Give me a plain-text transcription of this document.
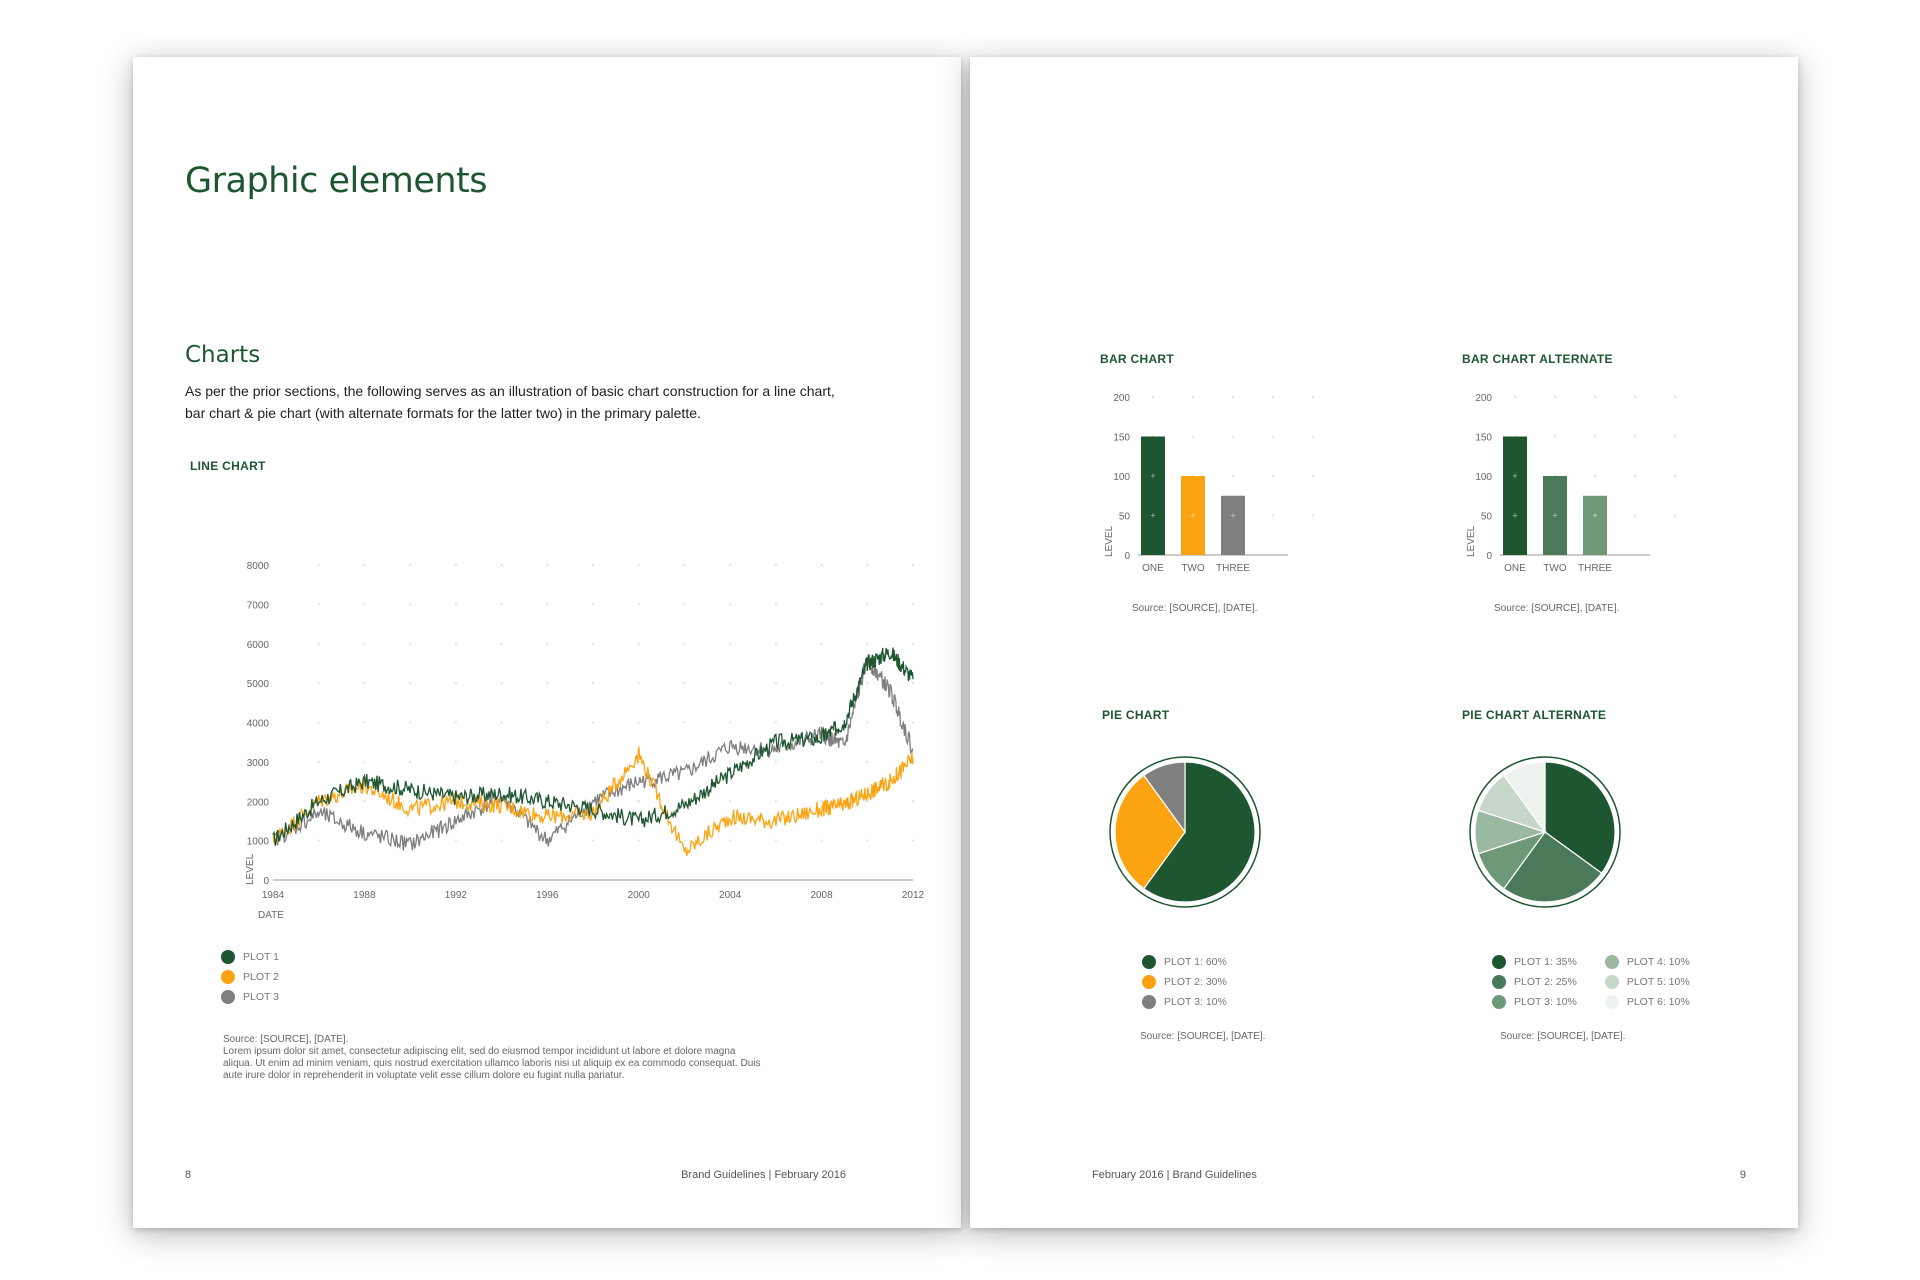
Graphic elements
Charts
As per the prior sections, the following serves as an illustration of basic chart construction for a line chart, bar chart & pie chart (with alternate formats for the latter two) in the primary palette.
LINE CHART
0
1000
2000
3000
4000
5000
6000
7000
8000
1984	1988	1992	1996	2000	2004	2008	2012
DATE
LEVEL
PLOT 1
PLOT 2
PLOT 3
Source: [SOURCE], [DATE].
Lorem ipsum dolor sit amet, consectetur adipiscing elit, sed do eiusmod tempor incididunt ut labore et dolore magna aliqua. Ut enim ad minim veniam, quis nostrud exercitation ullamco laboris nisi ut aliquip ex ea commodo consequat. Duis aute irure dolor in reprehenderit in voluptate velit esse cillum dolore eu fugiat nulla pariatur.
8	Brand Guidelines | February 2016
BAR CHART
0
50
100
150
200
LEVEL
ONE
+
+
TWO
+
THREE
+
Source: [SOURCE], [DATE].
BAR CHART ALTERNATE
0
50
100
150
200
LEVEL
ONE
+
+
TWO
+
THREE
+
Source: [SOURCE], [DATE].
PIE CHART
PLOT 1: 60%
PLOT 2: 30%
PLOT 3: 10%
Source: [SOURCE], [DATE].
PIE CHART ALTERNATE
PLOT 1: 35%
PLOT 2: 25%
PLOT 3: 10%
PLOT 4: 10%
PLOT 5: 10%
PLOT 6: 10%
Source: [SOURCE], [DATE].
February 2016 | Brand Guidelines	9
